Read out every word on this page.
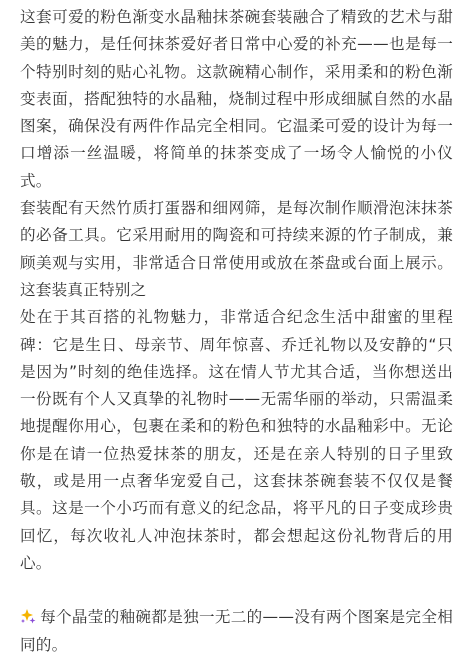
这套可爱的粉色渐变水晶釉抹茶碗套装融合了精致的艺术与甜美的魅力，是任何抹茶爱好者日常中心爱的补充——也是每一个特别时刻的贴心礼物。这款碗精心制作，采用柔和的粉色渐变表面，搭配独特的水晶釉，烧制过程中形成细腻自然的水晶图案，确保没有两件作品完全相同。它温柔可爱的设计为每一口增添一丝温暖，将简单的抹茶变成了一场令人愉悦的小仪式。

套装配有天然竹质打蛋器和细网筛，是每次制作顺滑泡沫抹茶的必备工具。它采用耐用的陶瓷和可持续来源的竹子制成，兼顾美观与实用，非常适合日常使用或放在茶盘或台面上展示。这套装真正特别之

处在于其百搭的礼物魅力，非常适合纪念生活中甜蜜的里程碑：它是生日、母亲节、周年惊喜、乔迁礼物以及安静的“只是因为”时刻的绝佳选择。这在情人节尤其合适，当你想送出一份既有个人又真挚的礼物时——无需华丽的举动，只需温柔地提醒你用心，包裹在柔和的粉色和独特的水晶釉彩中。无论你是在请一位热爱抹茶的朋友，还是在亲人特别的日子里致敬，或是用一点奢华宠爱自己，这套抹茶碗套装不仅仅是餐具。这是一个小巧而有意义的纪念品，将平凡的日子变成珍贵回忆，每次收礼人冲泡抹茶时，都会想起这份礼物背后的用心。

每个晶莹的釉碗都是独一无二的——没有两个图案是完全相同的。
